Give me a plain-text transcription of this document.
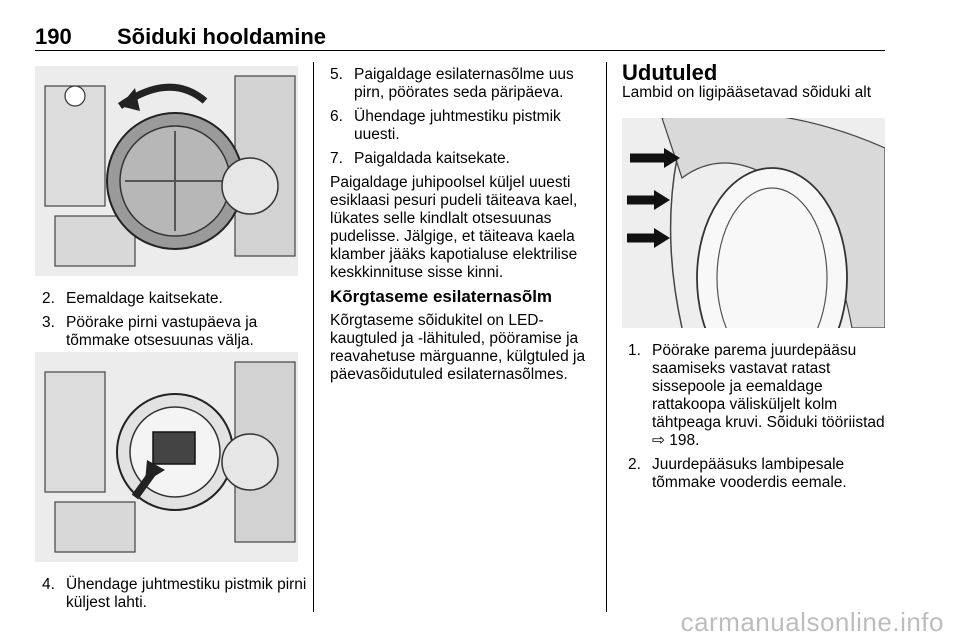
190 Sõiduki hooldamine
2. Eemaldage kaitsekate.
3. Pöörake pirni vastupäeva ja tõmmake otsesuunas välja.
4. Ühendage juhtmestiku pistmik pirni küljest lahti.
5. Paigaldage esilaternasõlme uus pirn, pöörates seda päripäeva.
6. Ühendage juhtmestiku pistmik uuesti.
7. Paigaldada kaitsekate.

Paigaldage juhipoolsel küljel uuesti esiklaasi pesuri pudeli täiteava kael, lükates selle kindlalt otsesuunas pudelisse. Jälgige, et täiteava kaela klamber jääks kapotialuse elektrilise keskkinnituse sisse kinni.

Kõrgtaseme esilaternasõlm

Kõrgtaseme sõidukitel on LED-kaugtuled ja -lähituled, pööramise ja reavahetuse märguanne, külgtuled ja päevasõidutuled esilaternasõlmes.

Udutuled

Lambid on ligipääsetavad sõiduki alt

1. Pöörake parema juurdepääsu saamiseks vastavat ratast sissepoole ja eemaldage rattakoopa välisküljelt kolm tähtpeaga kruvi. Sõiduki tööriistad ⇨ 198.
2. Juurdepääsuks lambipesale tõmmake vooderdis eemale.
carmanualsonline.info
